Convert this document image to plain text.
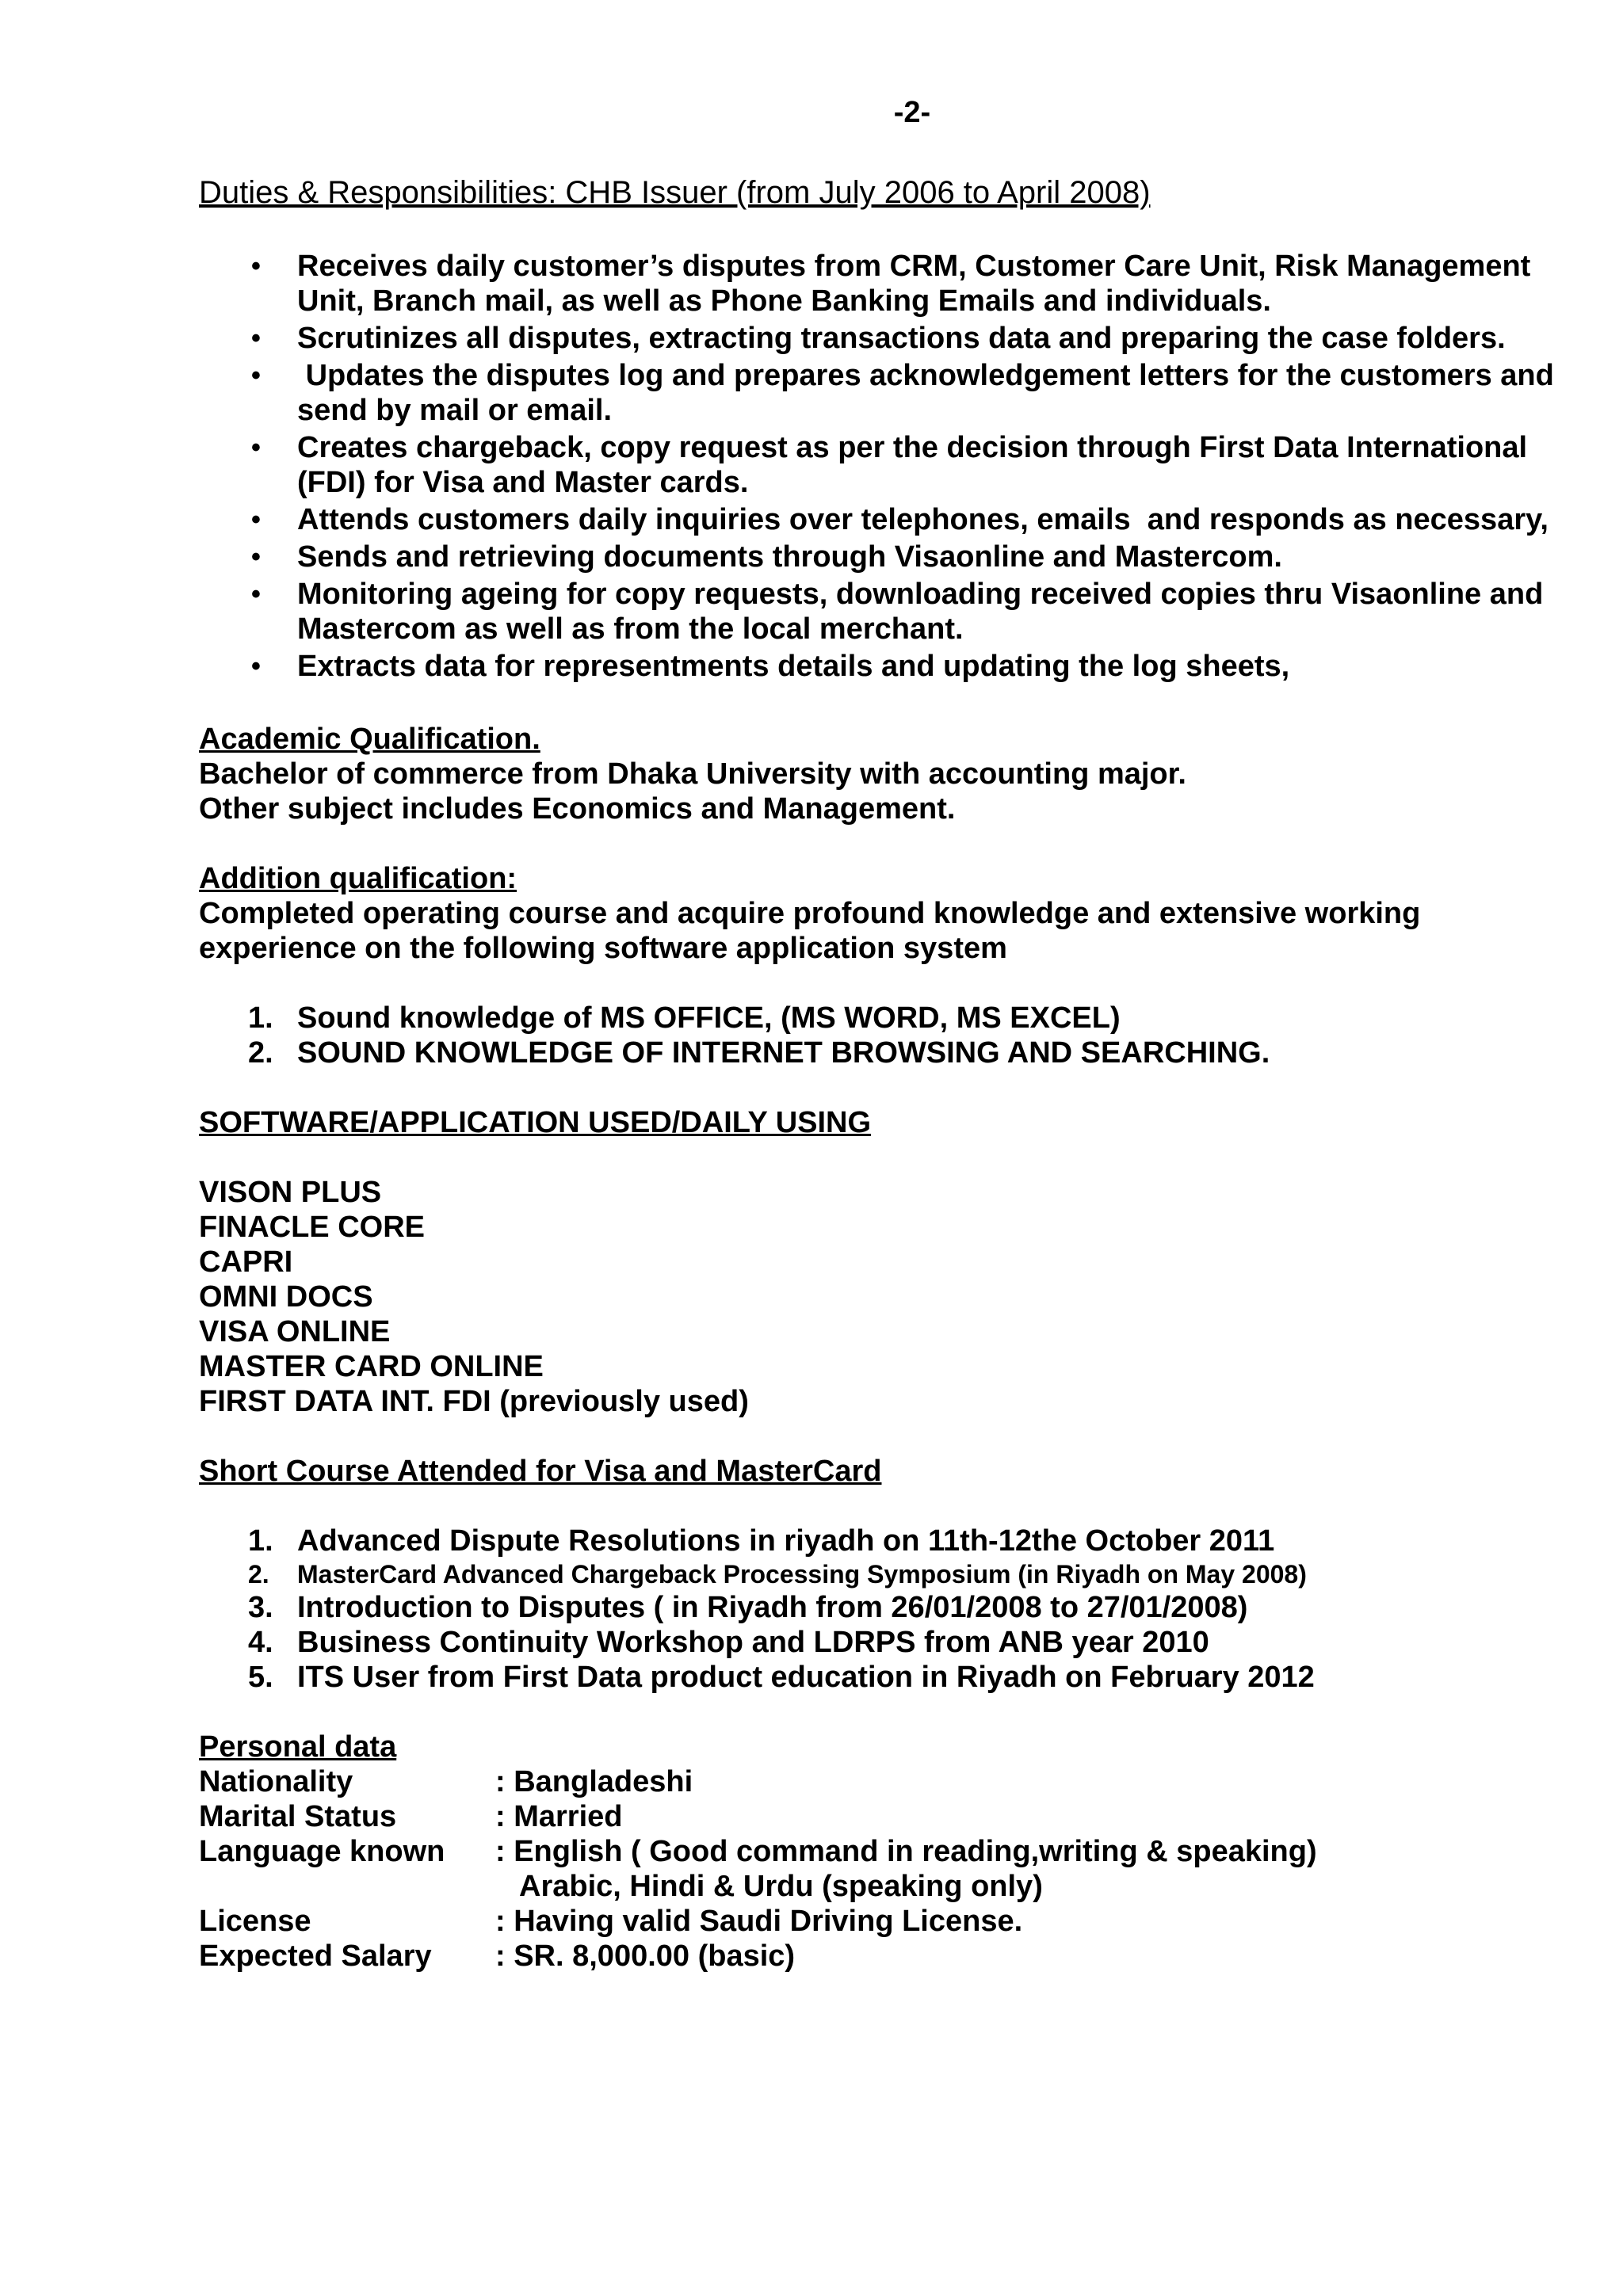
-2-
Duties & Responsibilities: CHB Issuer (from July 2006 to April 2008)
• Receives daily customer’s disputes from CRM, Customer Care Unit, Risk Management Unit, Branch mail, as well as Phone Banking Emails and individuals.
• Scrutinizes all disputes, extracting transactions data and preparing the case folders.
• Updates the disputes log and prepares acknowledgement letters for the customers and send by mail or email.
• Creates chargeback, copy request as per the decision through First Data International (FDI) for Visa and Master cards.
• Attends customers daily inquiries over telephones, emails  and responds as necessary,
• Sends and retrieving documents through Visaonline and Mastercom.
• Monitoring ageing for copy requests, downloading received copies thru Visaonline and Mastercom as well as from the local merchant.
• Extracts data for representments details and updating the log sheets,
Academic Qualification.
Bachelor of commerce from Dhaka University with accounting major.
Other subject includes Economics and Management.
Addition qualification:
Completed operating course and acquire profound knowledge and extensive working experience on the following software application system
1. Sound knowledge of MS OFFICE, (MS WORD, MS EXCEL)
2. SOUND KNOWLEDGE OF INTERNET BROWSING AND SEARCHING.
SOFTWARE/APPLICATION USED/DAILY USING
VISON PLUS
FINACLE CORE
CAPRI
OMNI DOCS
VISA ONLINE
MASTER CARD ONLINE
FIRST DATA INT. FDI (previously used)
Short Course Attended for Visa and MasterCard
1. Advanced Dispute Resolutions in riyadh on 11th-12the October 2011
2. MasterCard Advanced Chargeback Processing Symposium (in Riyadh on May 2008)
3. Introduction to Disputes ( in Riyadh from 26/01/2008 to 27/01/2008)
4. Business Continuity Workshop and LDRPS from ANB year 2010
5. ITS User from First Data product education in Riyadh on February 2012
Personal data
Nationality	: Bangladeshi
Marital Status	: Married
Language known	: English ( Good command in reading,writing & speaking)
Arabic, Hindi & Urdu (speaking only)
License	: Having valid Saudi Driving License.
Expected Salary	: SR. 8,000.00 (basic)
